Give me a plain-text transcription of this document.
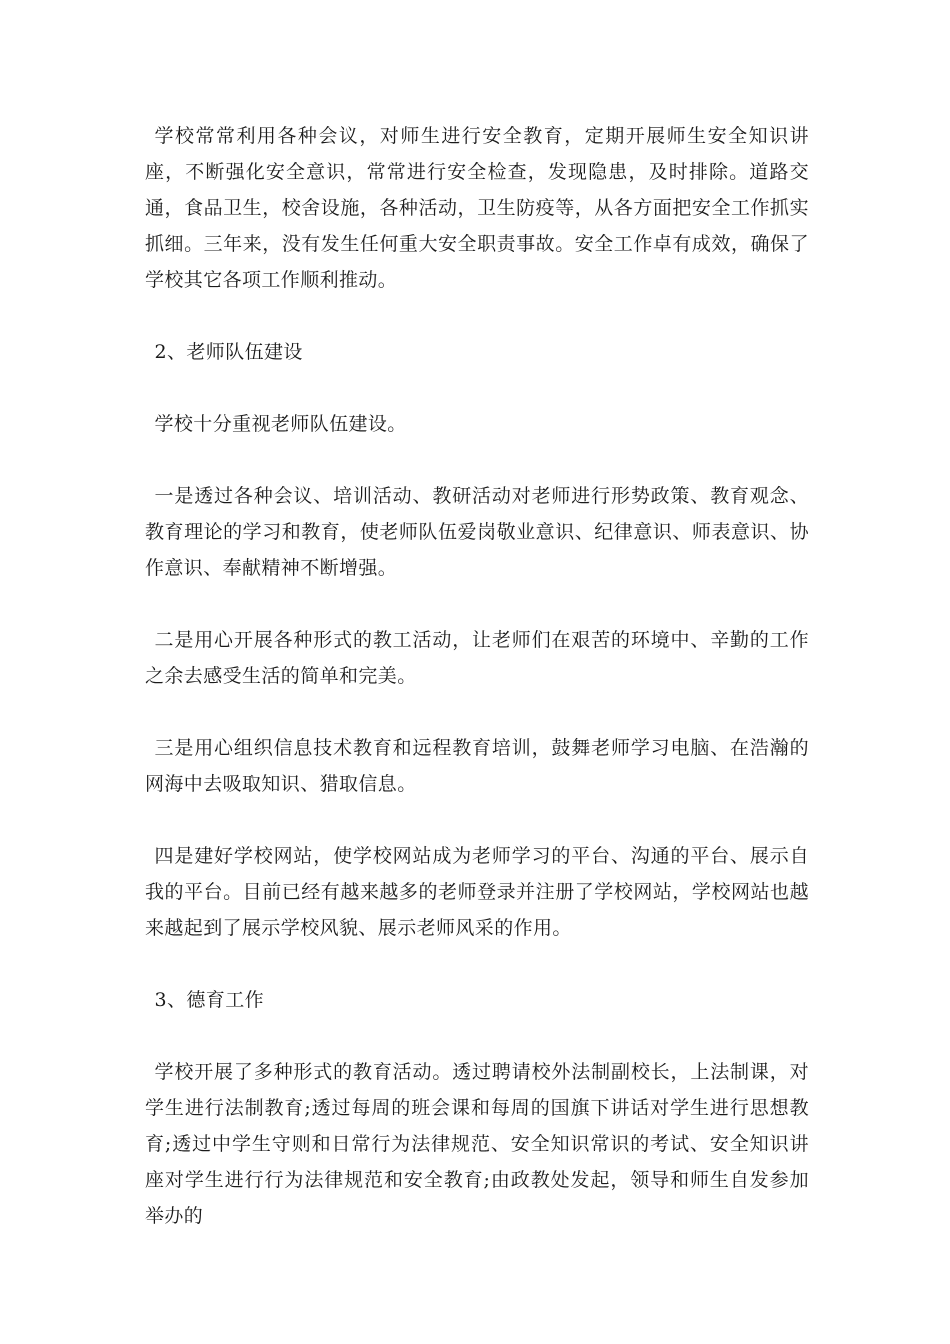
学校常常利用各种会议，对师生进行安全教育，定期开展师生安全知识讲座，不断强化安全意识，常常进行安全检查，发现隐患，及时排除。道路交通，食品卫生，校舍设施，各种活动，卫生防疫等，从各方面把安全工作抓实抓细。三年来，没有发生任何重大安全职责事故。安全工作卓有成效，确保了学校其它各项工作顺利推动。

2、老师队伍建设

学校十分重视老师队伍建设。

一是透过各种会议、培训活动、教研活动对老师进行形势政策、教育观念、教育理论的学习和教育，使老师队伍爱岗敬业意识、纪律意识、师表意识、协作意识、奉献精神不断增强。

二是用心开展各种形式的教工活动，让老师们在艰苦的环境中、辛勤的工作之余去感受生活的简单和完美。

三是用心组织信息技术教育和远程教育培训，鼓舞老师学习电脑、在浩瀚的网海中去吸取知识、猎取信息。

四是建好学校网站，使学校网站成为老师学习的平台、沟通的平台、展示自我的平台。目前已经有越来越多的老师登录并注册了学校网站，学校网站也越来越起到了展示学校风貌、展示老师风采的作用。

3、德育工作

学校开展了多种形式的教育活动。透过聘请校外法制副校长，上法制课，对学生进行法制教育;透过每周的班会课和每周的国旗下讲话对学生进行思想教育;透过中学生守则和日常行为法律规范、安全知识常识的考试、安全知识讲座对学生进行行为法律规范和安全教育;由政教处发起，领导和师生自发参加举办的
